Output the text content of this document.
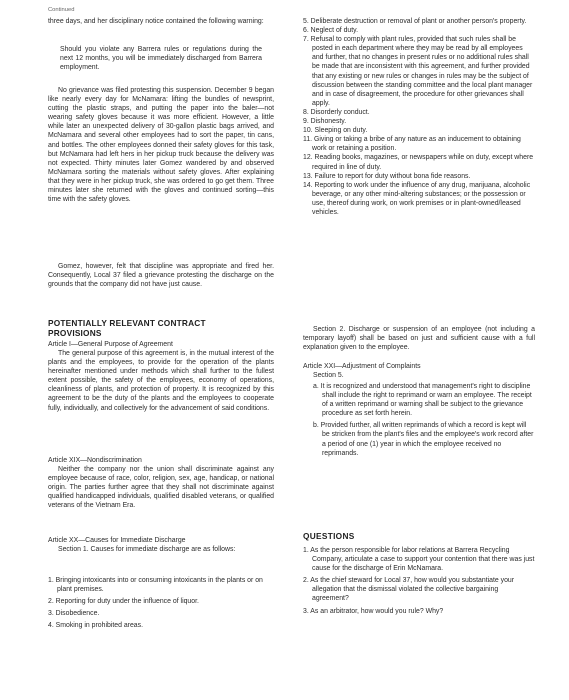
Continued

three days, and her disciplinary notice contained the following warning:

Should you violate any Barrera rules or regulations during the next 12 months, you will be immediately discharged from Barrera employment.

No grievance was filed protesting this suspension. December 9 began like nearly every day for McNamara: lifting the bundles of newsprint, cutting the plastic straps, and putting the paper into the baler—not wearing safety gloves because it was more efficient. However, a little while later an unexpected delivery of 30-gallon plastic bags arrived, and McNamara and several other employees had to sort the paper, tin cans, and bottles. The other employees donned their safety gloves for this task, but McNamara had left hers in her pickup truck because the delivery was not expected. Thirty minutes later Gomez wandered by and observed McNamara sorting the materials without safety gloves. After explaining that they were in her pickup truck, she was ordered to go get them. Three minutes later she returned with the gloves and continued sorting—this time with the safety gloves.

Gomez, however, felt that discipline was appropriate and fired her. Consequently, Local 37 filed a grievance protesting the discharge on the grounds that the company did not have just cause.

POTENTIALLY RELEVANT CONTRACT PROVISIONS

Article I—General Purpose of Agreement

The general purpose of this agreement is, in the mutual interest of the plants and the employees, to provide for the operation of the plants hereinafter mentioned under methods which shall further to the fullest extent possible, the safety of the employees, economy of operations, cleanliness of plants, and protection of property. It is recognized by this agreement to be the duty of the plants and the employees to cooperate fully, individually, and collectively for the advancement of said conditions.

Article XIX—Nondiscrimination

Neither the company nor the union shall discriminate against any employee because of race, color, religion, sex, age, handicap, or national origin. The parties further agree that they shall not discriminate against qualified handicapped individuals, qualified disabled veterans, or qualified veterans of the Vietnam Era.

Article XX—Causes for Immediate Discharge

Section 1. Causes for immediate discharge are as follows:

1. Bringing intoxicants into or consuming intoxicants in the plants or on plant premises.
2. Reporting for duty under the influence of liquor.
3. Disobedience.
4. Smoking in prohibited areas.
5. Deliberate destruction or removal of plant or another person's property.
6. Neglect of duty.
7. Refusal to comply with plant rules, provided that such rules shall be posted in each department where they may be read by all employees and further, that no changes in present rules or no additional rules shall be made that are inconsistent with this agreement, and further provided that any existing or new rules or changes in rules may be the subject of discussion between the standing committee and the local plant manager and in case of disagreement, the procedure for other grievances shall apply.
8. Disorderly conduct.
9. Dishonesty.
10. Sleeping on duty.
11. Giving or taking a bribe of any nature as an inducement to obtaining work or retaining a position.
12. Reading books, magazines, or newspapers while on duty, except where required in line of duty.
13. Failure to report for duty without bona fide reasons.
14. Reporting to work under the influence of any drug, marijuana, alcoholic beverage, or any other mind-altering substances; or the possession or use, thereof during work, on work premises or in plant-owned/leased vehicles.

Section 2. Discharge or suspension of an employee (not including a temporary layoff) shall be based on just and sufficient cause with a full explanation given to the employee.

Article XXI—Adjustment of Complaints

Section 5.

a. It is recognized and understood that management's right to discipline shall include the right to reprimand or warn an employee. The receipt of a written reprimand or warning shall be subject to the grievance procedure as set forth herein.
b. Provided further, all written reprimands of which a record is kept will be stricken from the plant's files and the employee's work record after a period of one (1) year in which the employee received no reprimands.
QUESTIONS
1. As the person responsible for labor relations at Barrera Recycling Company, articulate a case to support your contention that there was just cause for the discharge of Erin McNamara.
2. As the chief steward for Local 37, how would you substantiate your allegation that the dismissal violated the collective bargaining agreement?
3. As an arbitrator, how would you rule? Why?
